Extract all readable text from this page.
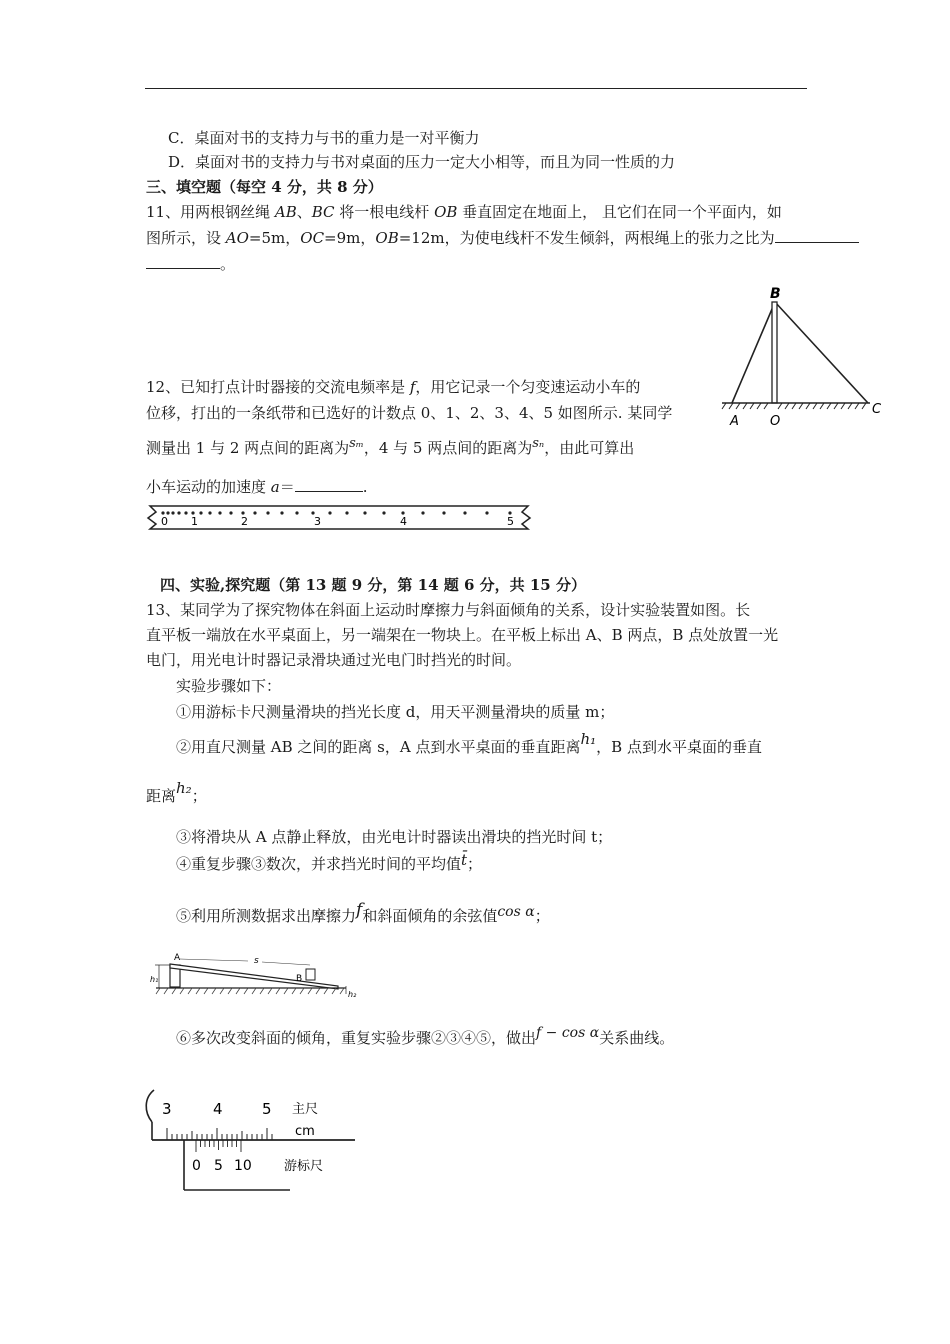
C．桌面对书的支持力与书的重力是一对平衡力
D．桌面对书的支持力与书对桌面的压力一定大小相等，而且为同一性质的力
三、填空题（每空 4 分，共 8 分）
11、用两根钢丝绳 AB、BC 将一根电线杆 OB 垂直固定在地面上， 且它们在同一个平面内，如
图所示，设 AO=5m，OC=9m，OB=12m，为使电线杆不发生倾斜，两根绳上的张力之比为
。
B
A O
C
12、已知打点计时器接的交流电频率是 f，用它记录一个匀变速运动小车的
位移，打出的一条纸带和已选好的计数点 0、1、2、3、4、5 如图所示. 某同学
测量出 1 与 2 两点间的距离为sₘ，4 与 5 两点间的距离为sₙ，由此可算出
小车运动的加速度 a＝	.
0 1	2	3	4	5
四、实验,探究题（第 13 题 9 分，第 14 题 6 分，共 15 分）
13、某同学为了探究物体在斜面上运动时摩擦力与斜面倾角的关系，设计实验装置如图。长
直平板一端放在水平桌面上，另一端架在一物块上。在平板上标出 A、B 两点，B 点处放置一光
电门，用光电计时器记录滑块通过光电门时挡光的时间。
实验步骤如下：
①用游标卡尺测量滑块的挡光长度 d，用天平测量滑块的质量 m；
②用直尺测量 AB 之间的距离 s，A 点到水平桌面的垂直距离h₁，B 点到水平桌面的垂直
距离h₂；
③将滑块从 A 点静止释放，由光电计时器读出滑块的挡光时间 t；
④重复步骤③数次，并求挡光时间的平均值t̄；
⑤利用所测数据求出摩擦力f和斜面倾角的余弦值cos α；
A	s
B
h₁
h₂
⑥多次改变斜面的倾角，重复实验步骤②③④⑤，做出f − cos α关系曲线。
3	4	5 主尺
cm
0 5 10 游标尺
